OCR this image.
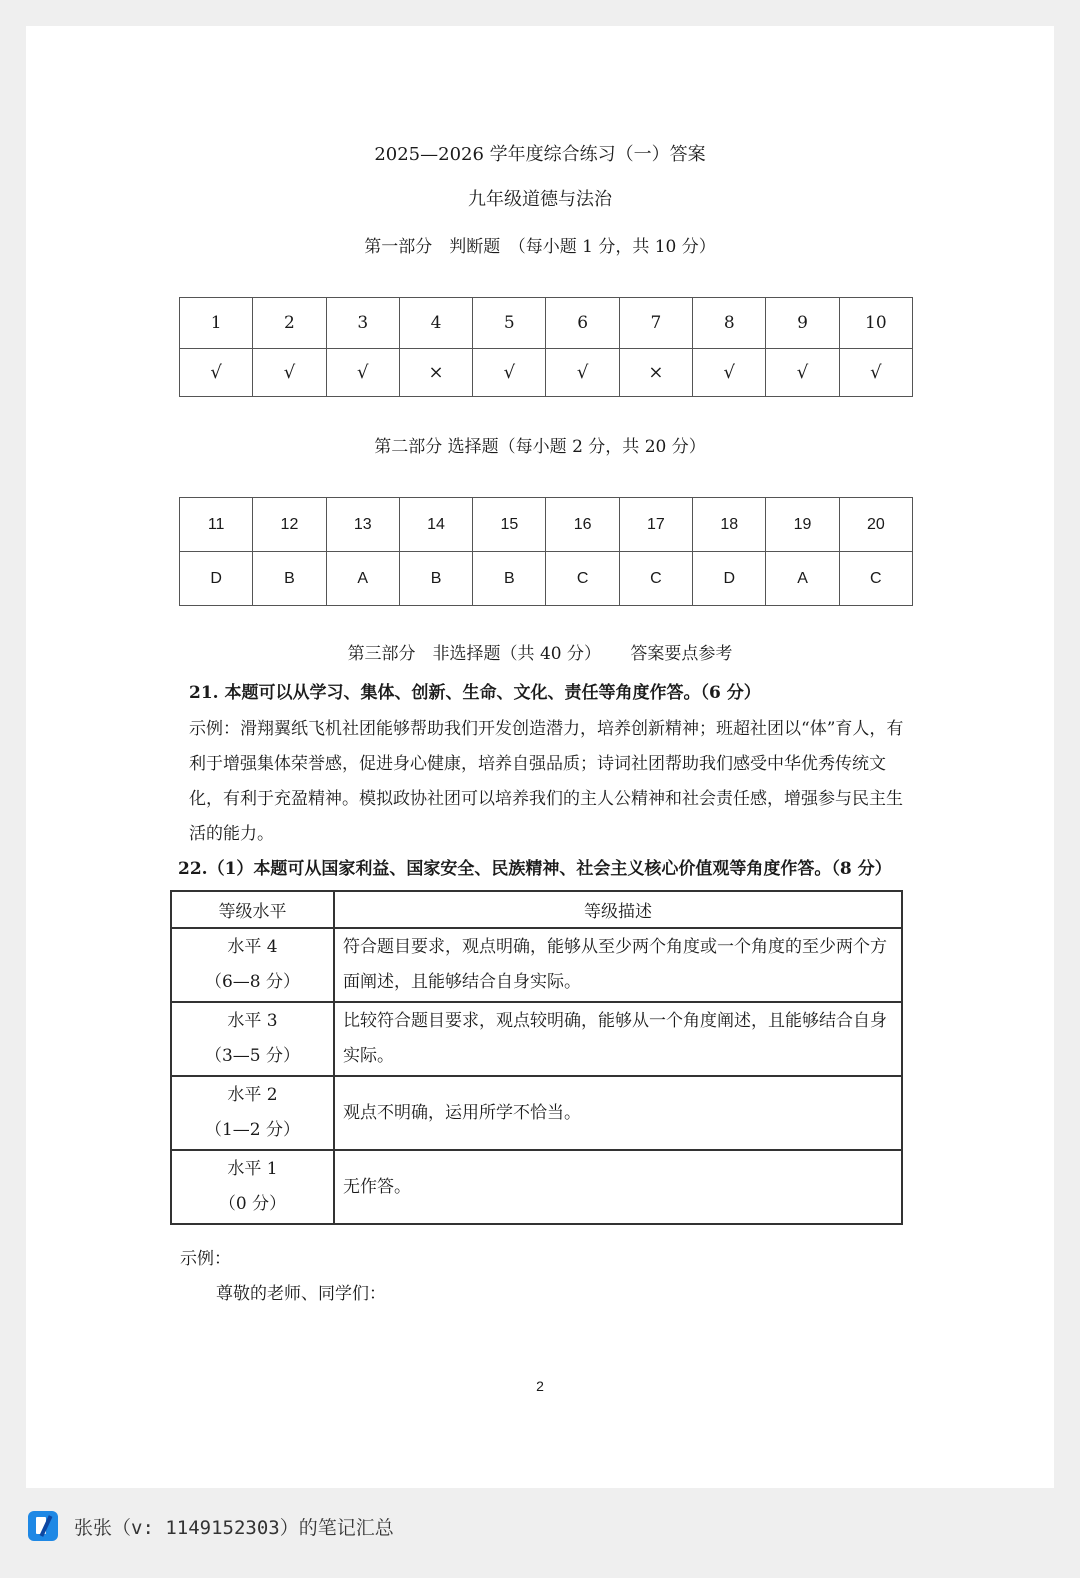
2025—2026 学年度综合练习（一）答案
九年级道德与法治
第一部分　判断题　（每小题 1 分，共 10 分）
1	2	3	4	5	6	7	8	9	10
√	√	√	×	√	√	×	√	√	√
第二部分 选择题（每小题 2 分，共 20 分）
11	12	13	14	15	16	17	18	19	20
D	B	A	B	B	C	C	D	A	C
第三部分　非选择题（共 40 分） 答案要点参考
21. 本题可以从学习、集体、创新、生命、文化、责任等角度作答。（6 分）
示例：滑翔翼纸飞机社团能够帮助我们开发创造潜力，培养创新精神；班超社团以“体”育人，有利于增强集体荣誉感，促进身心健康，培养自强品质；诗词社团帮助我们感受中华优秀传统文化，有利于充盈精神。模拟政协社团可以培养我们的主人公精神和社会责任感，增强参与民主生活的能力。
22.（1）本题可从国家利益、国家安全、民族精神、社会主义核心价值观等角度作答。（8 分）
等级水平	等级描述

水平 4
（6—8 分）	符合题目要求，观点明确，能够从至少两个角度或一个角度的至少两个方面阐述，且能够结合自身实际。

水平 3
（3—5 分）	比较符合题目要求，观点较明确，能够从一个角度阐述，且能够结合自身实际。

水平 2
（1—2 分）	观点不明确，运用所学不恰当。

水平 1
（0 分）	无作答。
示例：
尊敬的老师、同学们：
2
张张（v: 1149152303）的笔记汇总
